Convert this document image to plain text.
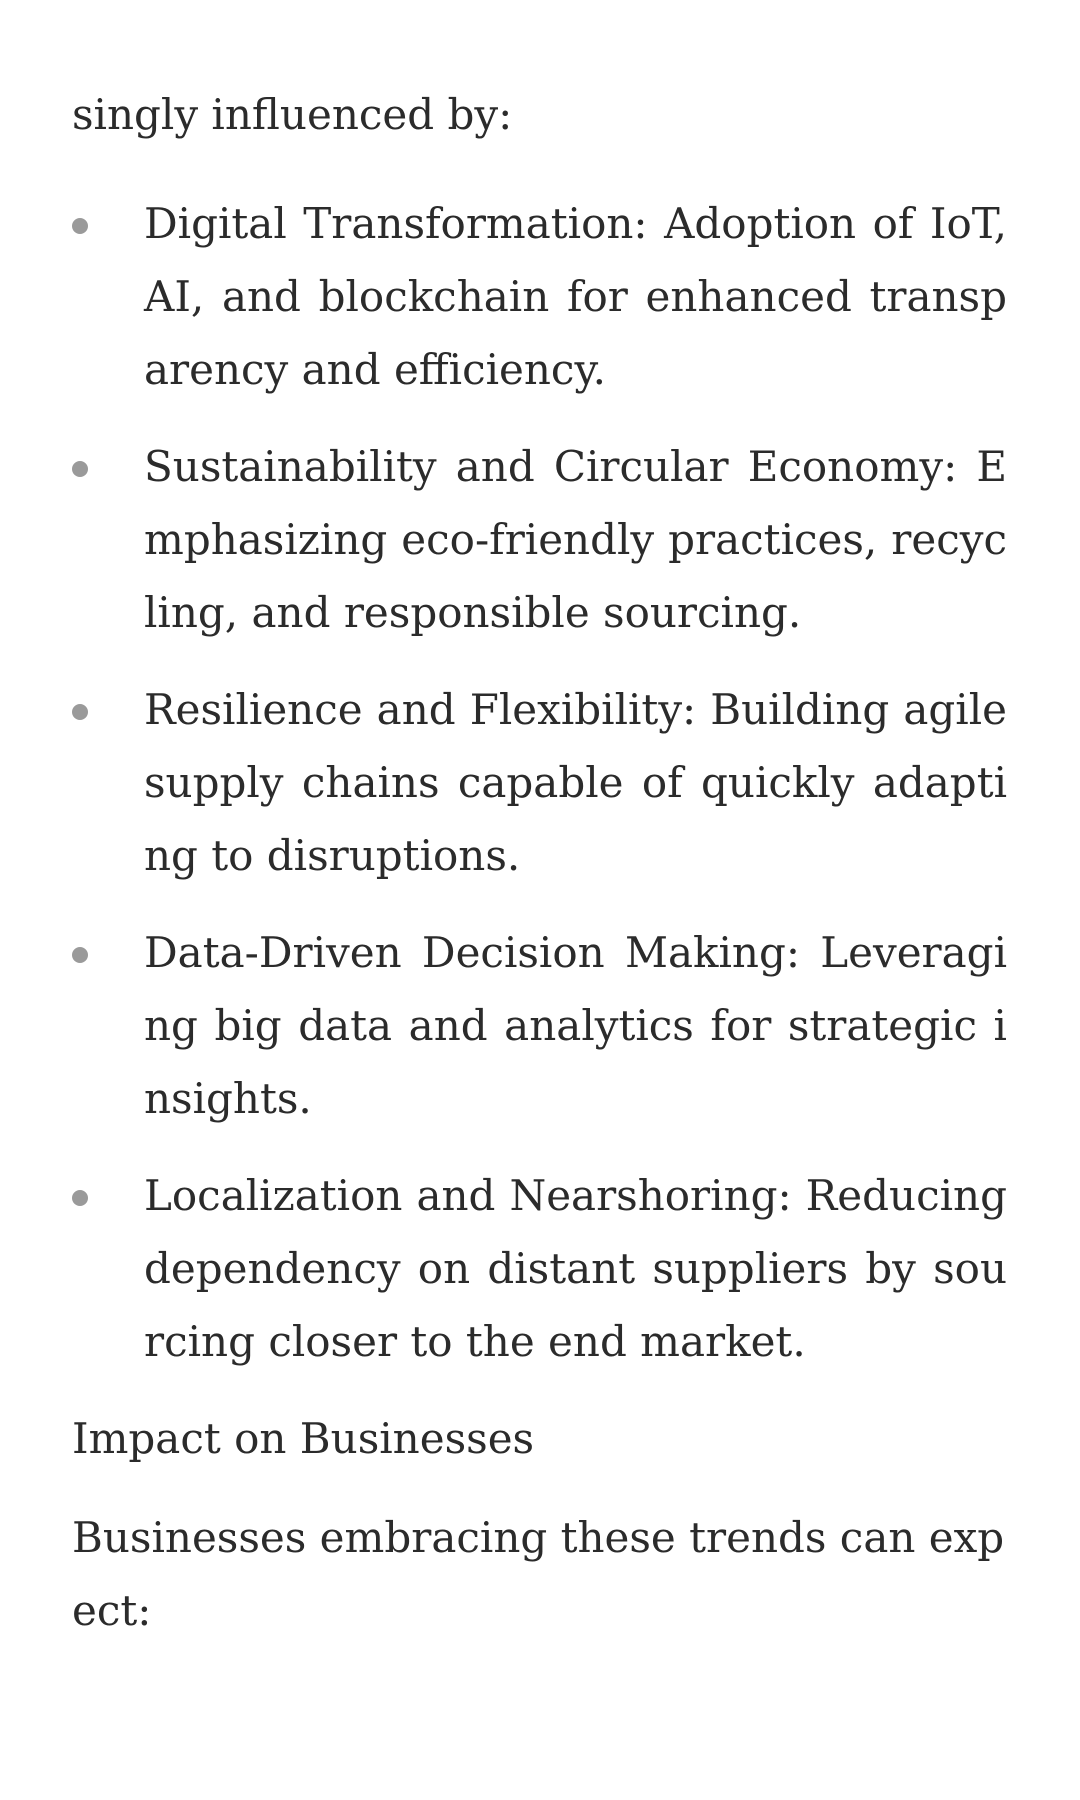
singly influenced by:

Digital Transformation: Adoption of IoT, AI, and blockchain for enhanced transparency and efficiency.
Sustainability and Circular Economy: Emphasizing eco-friendly practices, recycling, and responsible sourcing.
Resilience and Flexibility: Building agile supply chains capable of quickly adapting to disruptions.
Data-Driven Decision Making: Leveraging big data and analytics for strategic insights.
Localization and Nearshoring: Reducing dependency on distant suppliers by sourcing closer to the end market.
Impact on Businesses

Businesses embracing these trends can expect:
